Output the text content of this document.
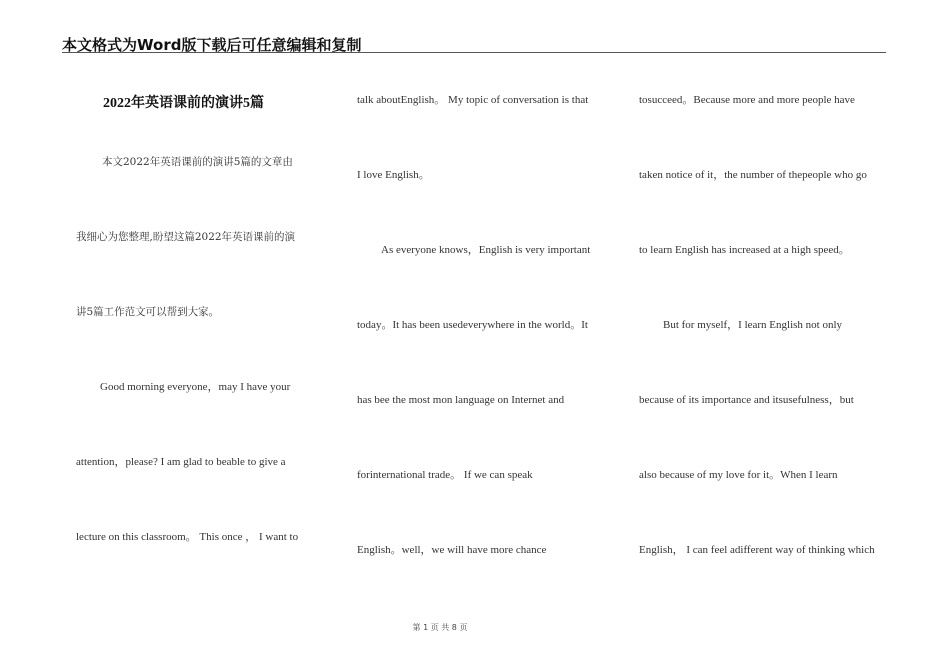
本文格式为Word版下载后可任意编辑和复制
2022年英语课前的演讲5篇
本文2022年英语课前的演讲5篇的文章由
我细心为您整理,盼望这篇2022年英语课前的演
讲5篇工作范文可以帮到大家。
Good morning everyone，may I have your
attention，please? I am glad to beable to give a
lecture on this classroom。 This once ， I want to
talk aboutEnglish。 My topic of conversation is that
I love English。
As everyone knows，English is very important
today。It has been usedeverywhere in the world。It
has bee the most mon language on Internet and
forinternational trade。 If we can speak
English。well，we will have more chance
tosucceed。Because more and more people have
taken notice of it，the number of thepeople who go
to learn English has increased at a high speed。
But for myself，I learn English not only
because of its importance and itsusefulness，but
also because of my love for it。When I learn
English， I can feel adifferent way of thinking which
第 1 页 共 8 页
